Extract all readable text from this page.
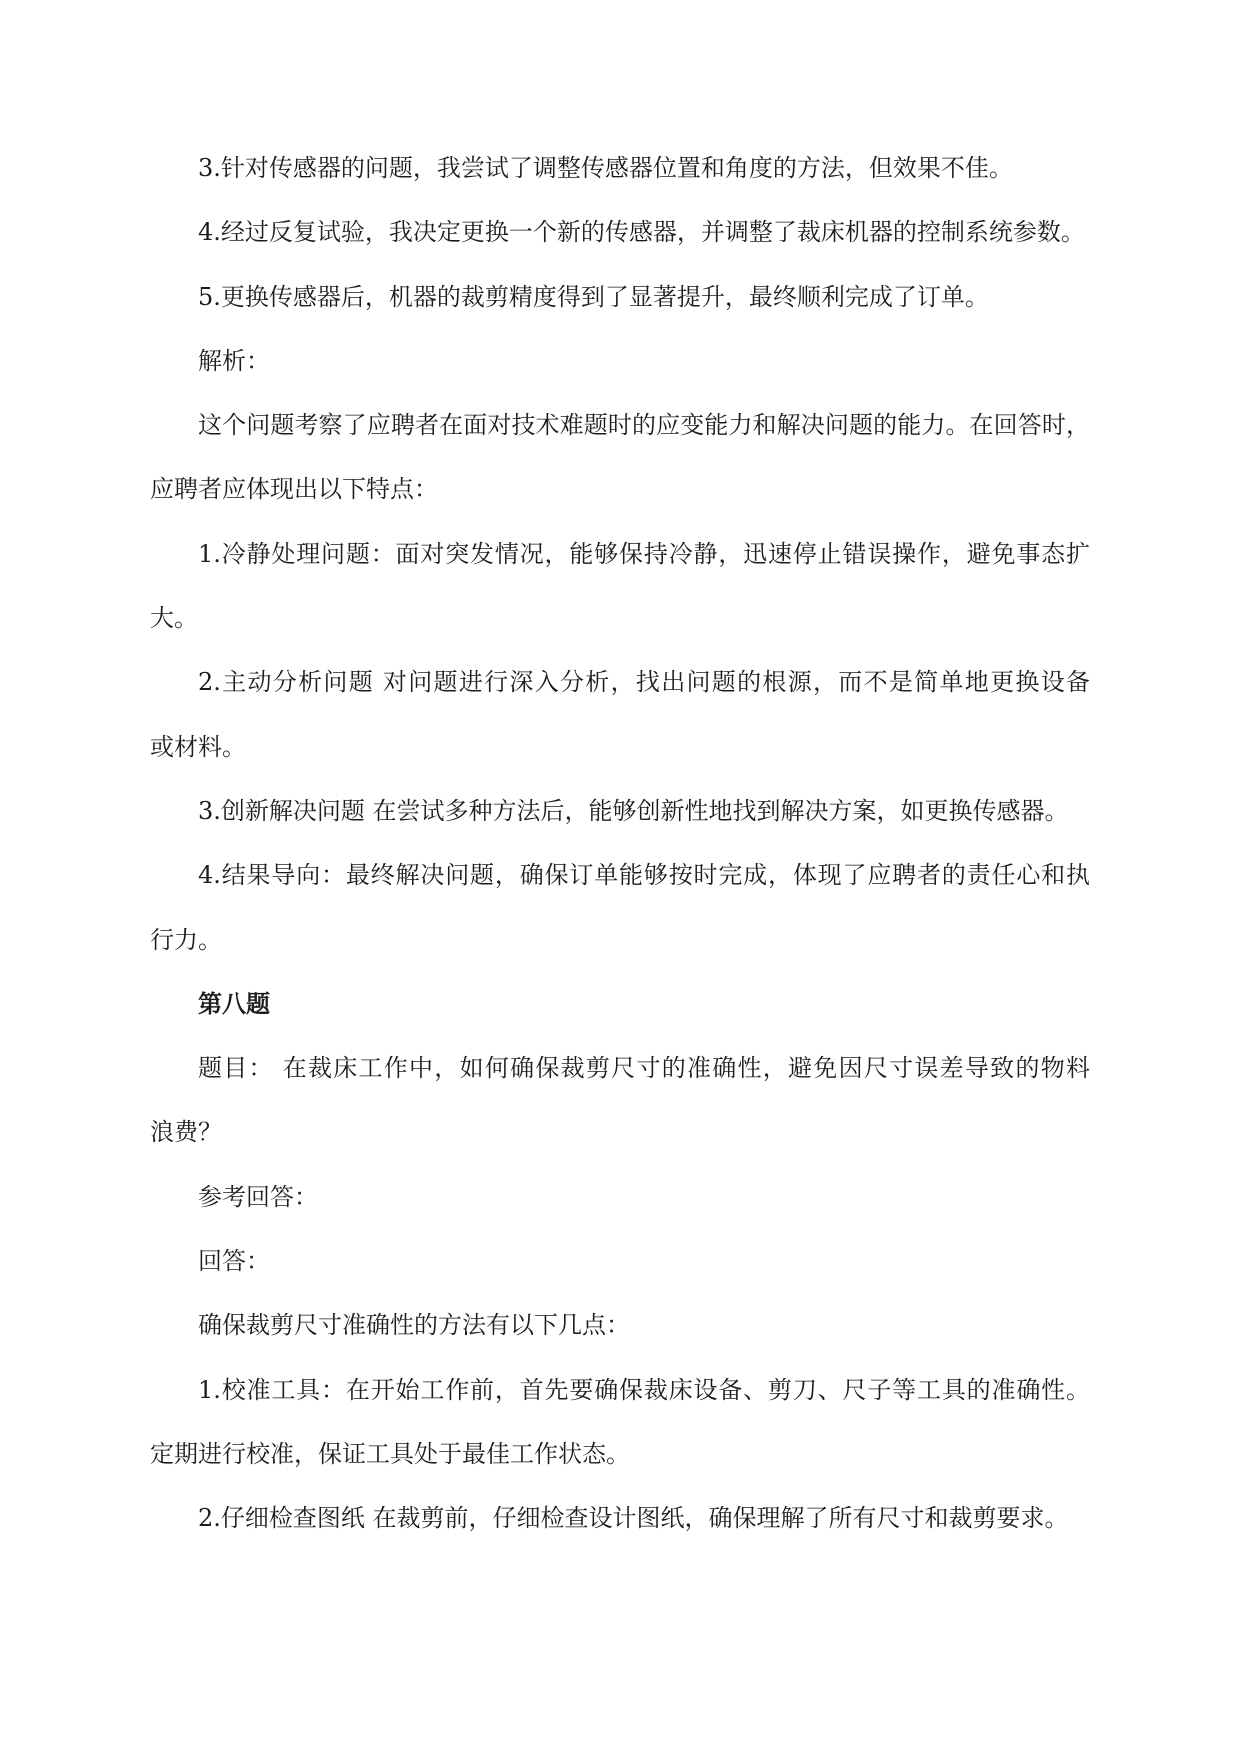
3.针对传感器的问题，我尝试了调整传感器位置和角度的方法，但效果不佳。
4.经过反复试验，我决定更换一个新的传感器，并调整了裁床机器的控制系统参数。
5.更换传感器后，机器的裁剪精度得到了显著提升，最终顺利完成了订单。
解析：
这个问题考察了应聘者在面对技术难题时的应变能力和解决问题的能力。在回答时，
应聘者应体现出以下特点：
1.冷静处理问题：面对突发情况，能够保持冷静，迅速停止错误操作，避免事态扩
大。
2.主动分析问题 对问题进行深入分析，找出问题的根源，而不是简单地更换设备
或材料。
3.创新解决问题 在尝试多种方法后，能够创新性地找到解决方案，如更换传感器。
4.结果导向：最终解决问题，确保订单能够按时完成，体现了应聘者的责任心和执
行力。
第八题
题目： 在裁床工作中，如何确保裁剪尺寸的准确性，避免因尺寸误差导致的物料
浪费？
参考回答：
回答：
确保裁剪尺寸准确性的方法有以下几点：
1.校准工具：在开始工作前，首先要确保裁床设备、剪刀、尺子等工具的准确性。
定期进行校准，保证工具处于最佳工作状态。
2.仔细检查图纸 在裁剪前，仔细检查设计图纸，确保理解了所有尺寸和裁剪要求。
